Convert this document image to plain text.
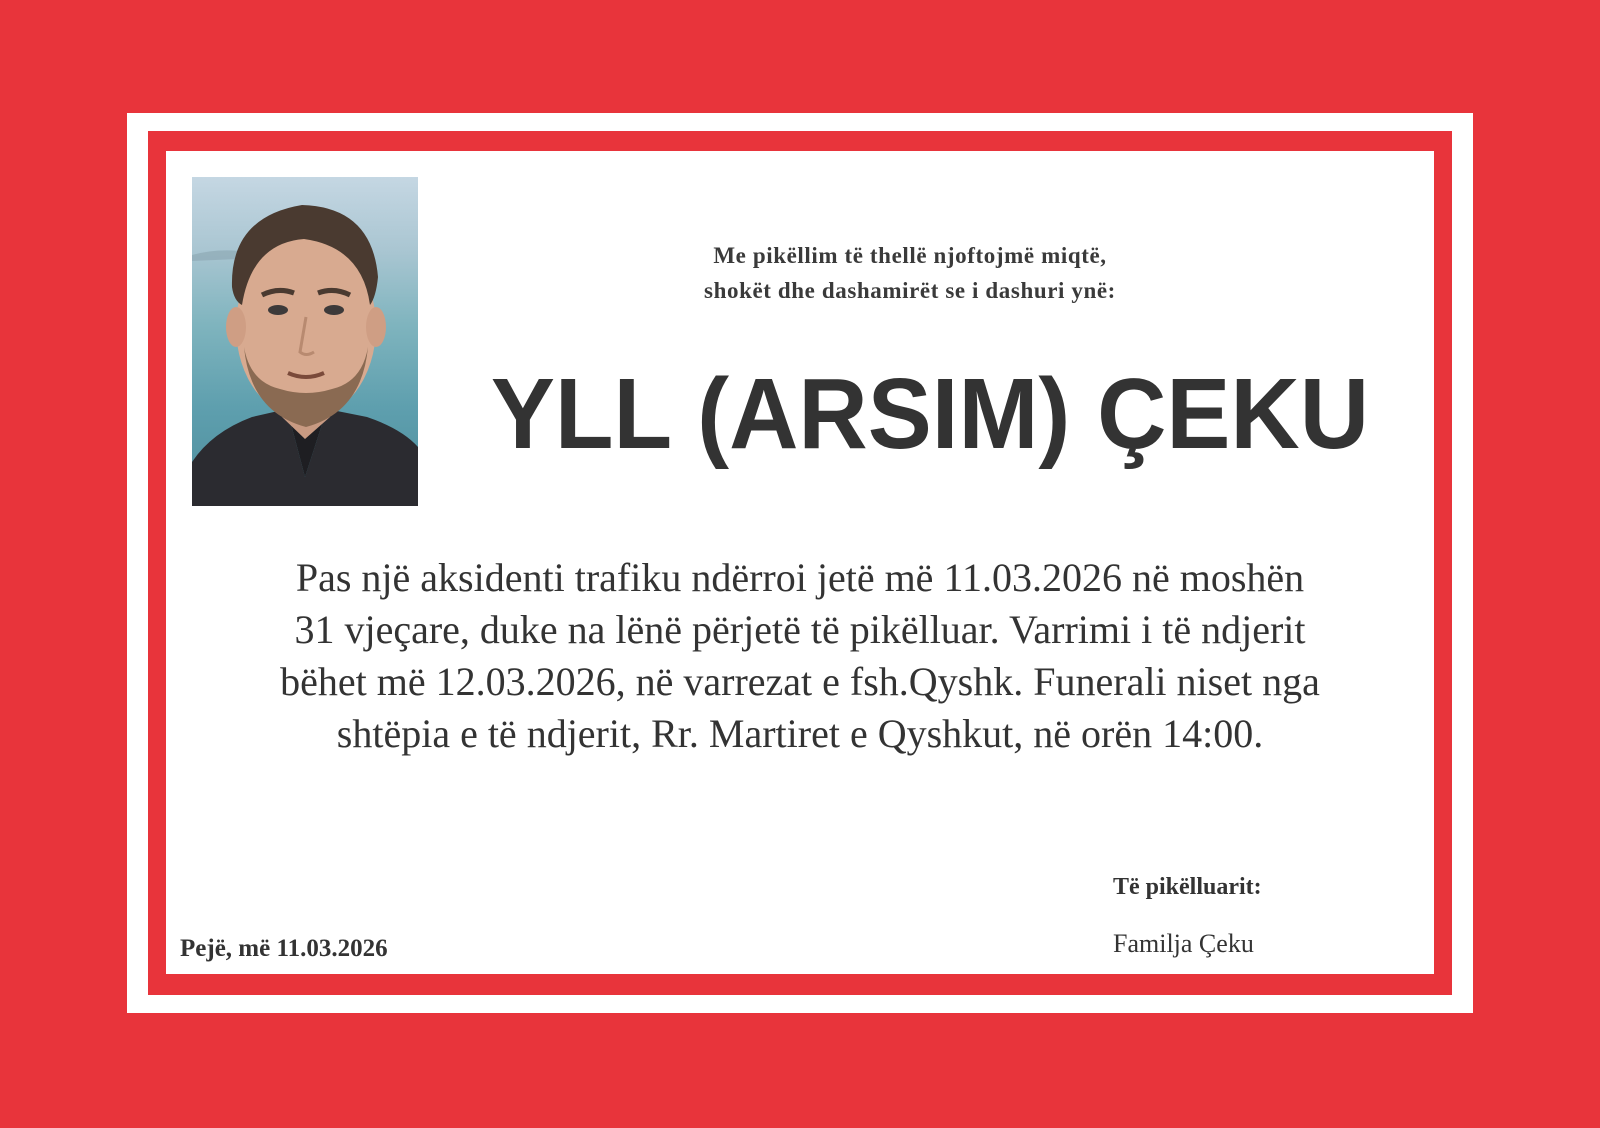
Me pikëllim të thellë njoftojmë miqtë,
shokët dhe dashamirët se i dashuri ynë:
YLL (ARSIM) ÇEKU
Pas një aksidenti trafiku ndërroi jetë më 11.03.2026 në moshën
31 vjeçare, duke na lënë përjetë të pikëlluar. Varrimi i të ndjerit
bëhet më 12.03.2026, në varrezat e fsh.Qyshk. Funerali niset nga
shtëpia e të ndjerit, Rr. Martiret e Qyshkut, në orën 14:00.
Pejë, më 11.03.2026
Të pikëlluarit:
Familja Çeku
